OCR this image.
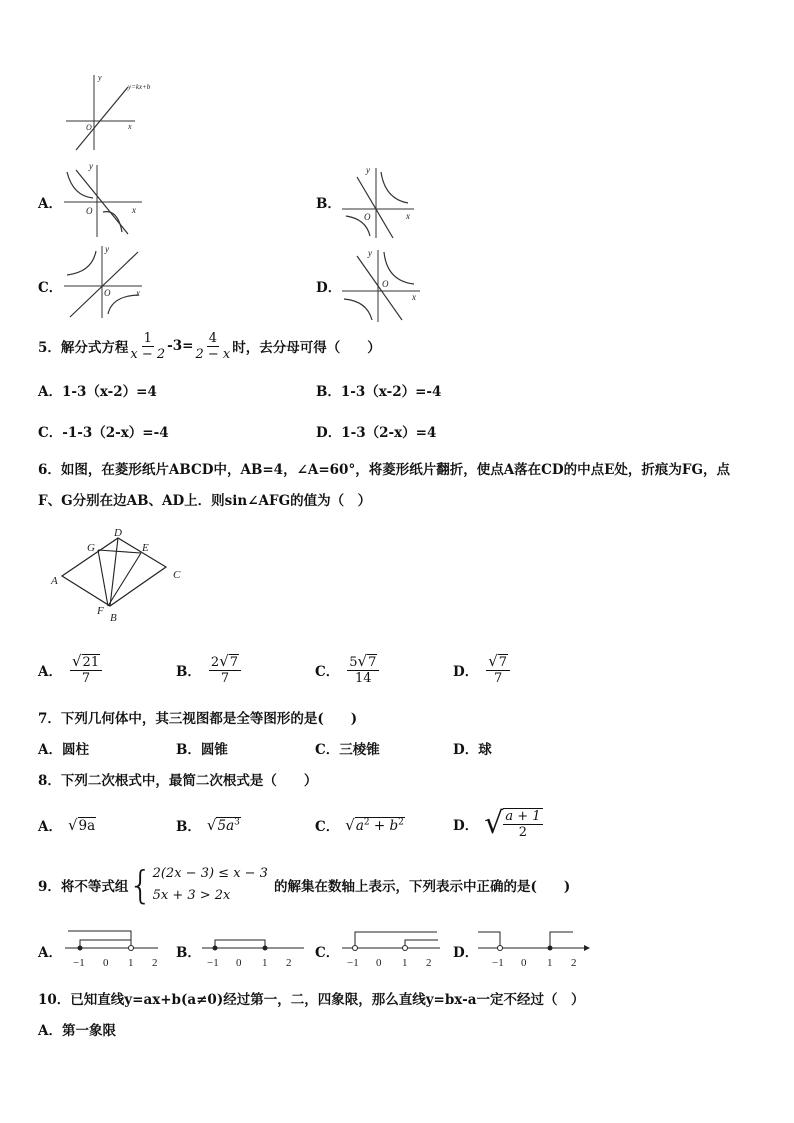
y=kx+b
y
x
O
A．
y
x
O	B．
y
x
O
C．
y
x
O	D．
y
x
O
5．解分式方程 $\frac{1}{x - 2} -3= \frac{4}{2 - x}$ 时，去分母可得（　　）
A．1-3（x-2）=4	B．1-3（x-2）=-4
C．-1-3（2-x）=-4	D．1-3（2-x）=4
6．如图，在菱形纸片ABCD中，AB=4，∠A=60°，将菱形纸片翻折，使点A落在CD的中点E处，折痕为FG，点
F、G分别在边AB、AD上．则sin∠AFG的值为（　）
A
B
C
D
E
F
G
A． $\frac{√21}{7}$	B． $\frac{2√7}{7}$	C． $\frac{5√7}{14}$	D． $\frac{√7}{7}$
7．下列几何体中，其三视图都是全等图形的是(　　)
A．圆柱	B．圆锥	C．三棱锥	D．球
8．下列二次根式中，最简二次根式是（　　）
A． √9a	B． $√5a^3$	C． $√a^2 + b^2$	D． √ $\frac{a + 1}{2}$
9．将不等式组 { 2(2x − 3) ≤ x − 3
5x + 3 > 2x
的解集在数轴上表示，下列表示中正确的是(　　)
A．	B．	C．	D．
−1 0 1 2	−1 0 1 2	−1 0 1 2	−1 0 1 2
10．已知直线y=ax+b(a≠0)经过第一，二，四象限，那么直线y=bx-a一定不经过（　）
A．第一象限
